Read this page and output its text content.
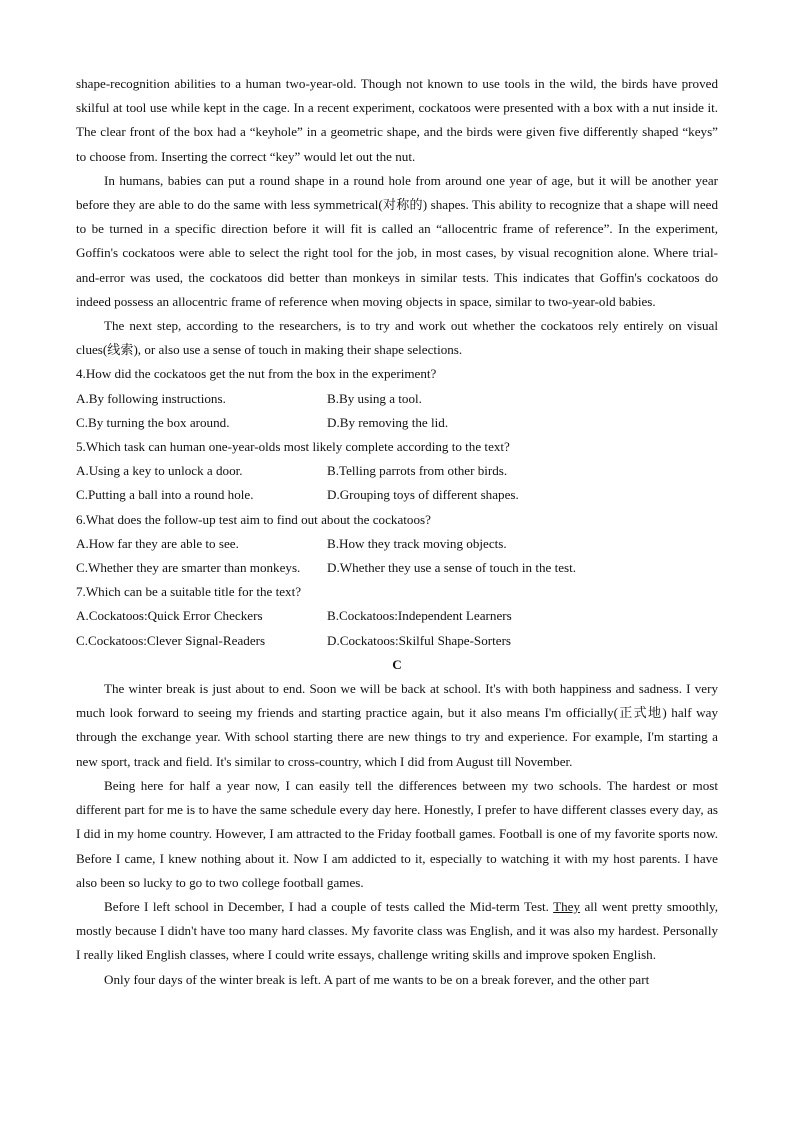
shape-recognition abilities to a human two-year-old. Though not known to use tools in the wild, the birds have proved skilful at tool use while kept in the cage. In a recent experiment, cockatoos were presented with a box with a nut inside it. The clear front of the box had a “keyhole” in a geometric shape, and the birds were given five differently shaped “keys” to choose from. Inserting the correct “key” would let out the nut.

In humans, babies can put a round shape in a round hole from around one year of age, but it will be another year before they are able to do the same with less symmetrical(对称的) shapes. This ability to recognize that a shape will need to be turned in a specific direction before it will fit is called an “allocentric frame of reference”. In the experiment, Goffin's cockatoos were able to select the right tool for the job, in most cases, by visual recognition alone. Where trial-and-error was used, the cockatoos did better than monkeys in similar tests. This indicates that Goffin's cockatoos do indeed possess an allocentric frame of reference when moving objects in space, similar to two-year-old babies.

The next step, according to the researchers, is to try and work out whether the cockatoos rely entirely on visual clues(线索), or also use a sense of touch in making their shape selections.

4.How did the cockatoos get the nut from the box in the experiment?
A.By following instructions.	B.By using a tool.
C.By turning the box around.	D.By removing the lid.
5.Which task can human one-year-olds most likely complete according to the text?
A.Using a key to unlock a door.	B.Telling parrots from other birds.
C.Putting a ball into a round hole.	D.Grouping toys of different shapes.
6.What does the follow-up test aim to find out about the cockatoos?
A.How far they are able to see.	B.How they track moving objects.
C.Whether they are smarter than monkeys.	D.Whether they use a sense of touch in the test.
7.Which can be a suitable title for the text?
A.Cockatoos:Quick Error Checkers	B.Cockatoos:Independent Learners
C.Cockatoos:Clever Signal-Readers	D.Cockatoos:Skilful Shape-Sorters
C

The winter break is just about to end. Soon we will be back at school. It's with both happiness and sadness. I very much look forward to seeing my friends and starting practice again, but it also means I'm officially(正式地) half way through the exchange year. With school starting there are new things to try and experience. For example, I'm starting a new sport, track and field. It's similar to cross-country, which I did from August till November.

Being here for half a year now, I can easily tell the differences between my two schools. The hardest or most different part for me is to have the same schedule every day here. Honestly, I prefer to have different classes every day, as I did in my home country. However, I am attracted to the Friday football games. Football is one of my favorite sports now. Before I came, I knew nothing about it. Now I am addicted to it, especially to watching it with my host parents. I have also been so lucky to go to two college football games.

Before I left school in December, I had a couple of tests called the Mid-term Test. They all went pretty smoothly, mostly because I didn't have too many hard classes. My favorite class was English, and it was also my hardest. Personally I really liked English classes, where I could write essays, challenge writing skills and improve spoken English.

Only four days of the winter break is left. A part of me wants to be on a break forever, and the other part
